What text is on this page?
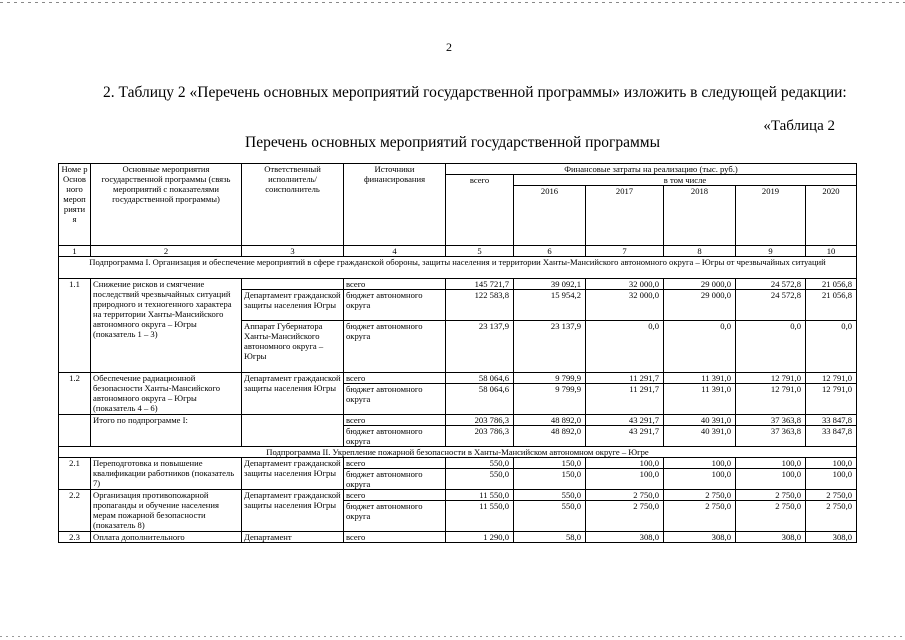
2
2. Таблицу 2 «Перечень основных мероприятий государственной программы» изложить в следующей редакции:
«Таблица 2
Перечень основных мероприятий государственной программы
Номе р Основ ного мероп рияти я	Основные мероприятия государственной программы (связь мероприятий с показателями государственной программы)	Ответственный исполнитель/соисполнитель	Источники финансирования	Финансовые затраты на реализацию (тыс. руб.)					
				всего	в том числе				
					2016	2017	2018	2019	2020
1	2	3	4	5	6	7	8	9	10
Подпрограмма I. Организация и обеспечение мероприятий в сфере гражданской обороны, защиты населения и территории Ханты-Мансийского автономного округа – Югры от чрезвычайных ситуаций									
1.1	Снижение рисков и смягчение последствий чрезвычайных ситуаций природного и техногенного характера на территории Ханты-Мансийского автономного округа – Югры (показатель 1 – 3)		всего	145 721,7	39 092,1	32 000,0	29 000,0	24 572,8	21 056,8
		Департамент гражданской защиты населения Югры	бюджет автономного округа	122 583,8	15 954,2	32 000,0	29 000,0	24 572,8	21 056,8
		Аппарат Губернатора Ханты-Мансийского автономного округа – Югры	бюджет автономного округа	23 137,9	23 137,9	0,0	0,0	0,0	0,0
1.2	Обеспечение радиационной безопасности Ханты-Мансийского автономного округа – Югры (показатель 4 – 6)	Департамент гражданской защиты населения Югры	всего	58 064,6	9 799,9	11 291,7	11 391,0	12 791,0	12 791,0
			бюджет автономного округа	58 064,6	9 799,9	11 291,7	11 391,0	12 791,0	12 791,0
	Итого по подпрограмме I:		всего	203 786,3	48 892,0	43 291,7	40 391,0	37 363,8	33 847,8
			бюджет автономного округа	203 786,3	48 892,0	43 291,7	40 391,0	37 363,8	33 847,8
Подпрограмма II. Укрепление пожарной безопасности в Ханты-Мансийском автономном округе – Югре									
2.1	Переподготовка и повышение квалификации работников (показатель 7)	Департамент гражданской защиты населения Югры	всего	550,0	150,0	100,0	100,0	100,0	100,0
			бюджет автономного округа	550,0	150,0	100,0	100,0	100,0	100,0
2.2	Организация противопожарной пропаганды и обучение населения мерам пожарной безопасности (показатель 8)	Департамент гражданской защиты населения Югры	всего	11 550,0	550,0	2 750,0	2 750,0	2 750,0	2 750,0
			бюджет автономного округа	11 550,0	550,0	2 750,0	2 750,0	2 750,0	2 750,0
2.3	Оплата дополнительного	Департамент	всего	1 290,0	58,0	308,0	308,0	308,0	308,0
